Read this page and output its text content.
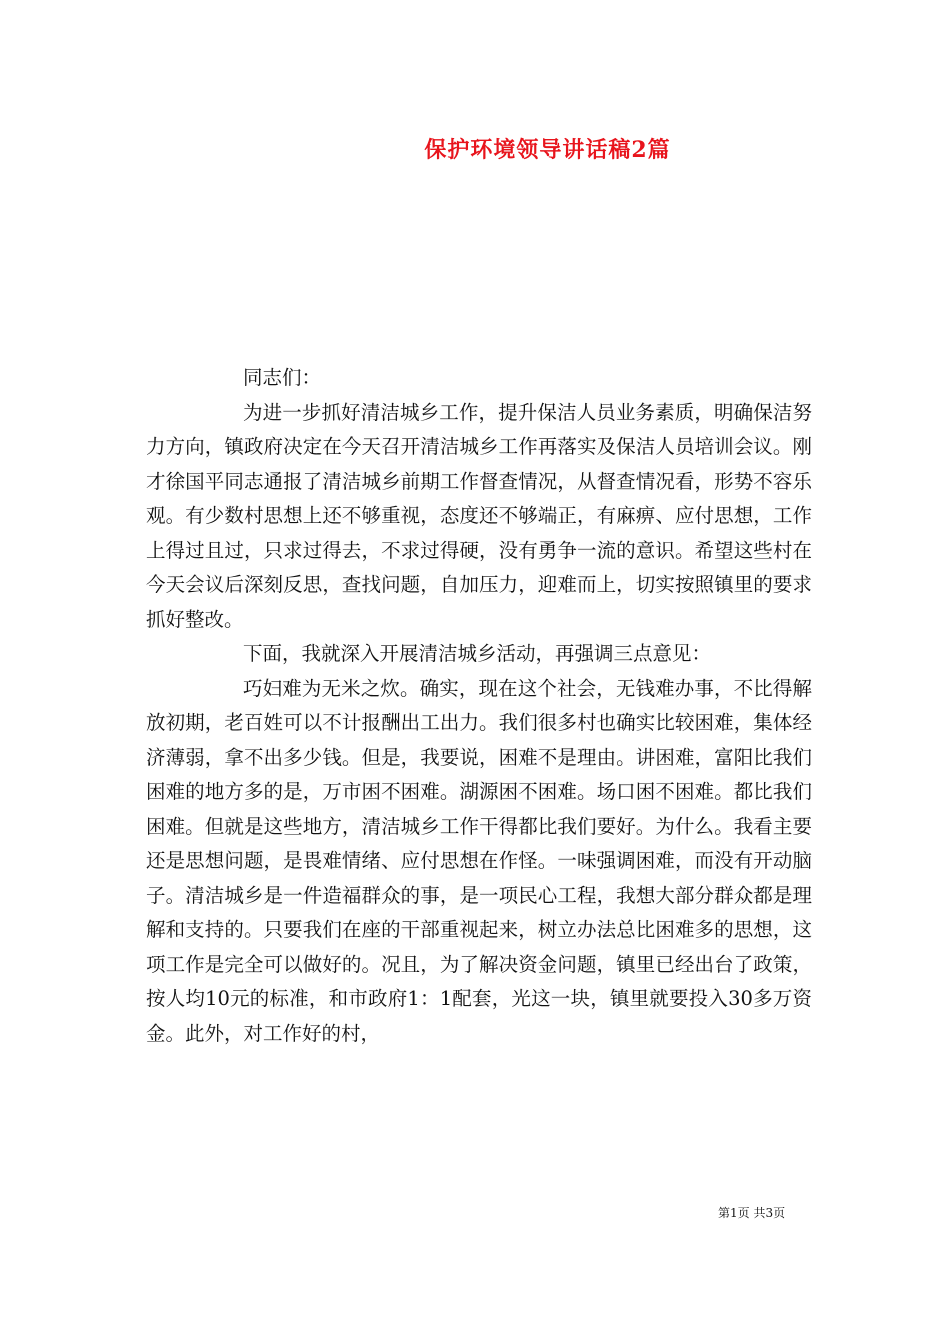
保护环境领导讲话稿2篇

同志们：

为进一步抓好清洁城乡工作，提升保洁人员业务素质，明确保洁努力方向，镇政府决定在今天召开清洁城乡工作再落实及保洁人员培训会议。刚才徐国平同志通报了清洁城乡前期工作督查情况，从督查情况看，形势不容乐观。有少数村思想上还不够重视，态度还不够端正，有麻痹、应付思想，工作上得过且过，只求过得去，不求过得硬，没有勇争一流的意识。希望这些村在今天会议后深刻反思，查找问题，自加压力，迎难而上，切实按照镇里的要求抓好整改。

下面，我就深入开展清洁城乡活动，再强调三点意见：

巧妇难为无米之炊。确实，现在这个社会，无钱难办事，不比得解放初期，老百姓可以不计报酬出工出力。我们很多村也确实比较困难，集体经济薄弱，拿不出多少钱。但是，我要说，困难不是理由。讲困难，富阳比我们困难的地方多的是，万市困不困难。湖源困不困难。场口困不困难。都比我们困难。但就是这些地方，清洁城乡工作干得都比我们要好。为什么。我看主要还是思想问题，是畏难情绪、应付思想在作怪。一味强调困难，而没有开动脑子。清洁城乡是一件造福群众的事，是一项民心工程，我想大部分群众都是理解和支持的。只要我们在座的干部重视起来，树立办法总比困难多的思想，这项工作是完全可以做好的。况且，为了解决资金问题，镇里已经出台了政策，按人均10元的标准，和市政府1：1配套，光这一块，镇里就要投入30多万资金。此外，对工作好的村，

第1页 共3页
